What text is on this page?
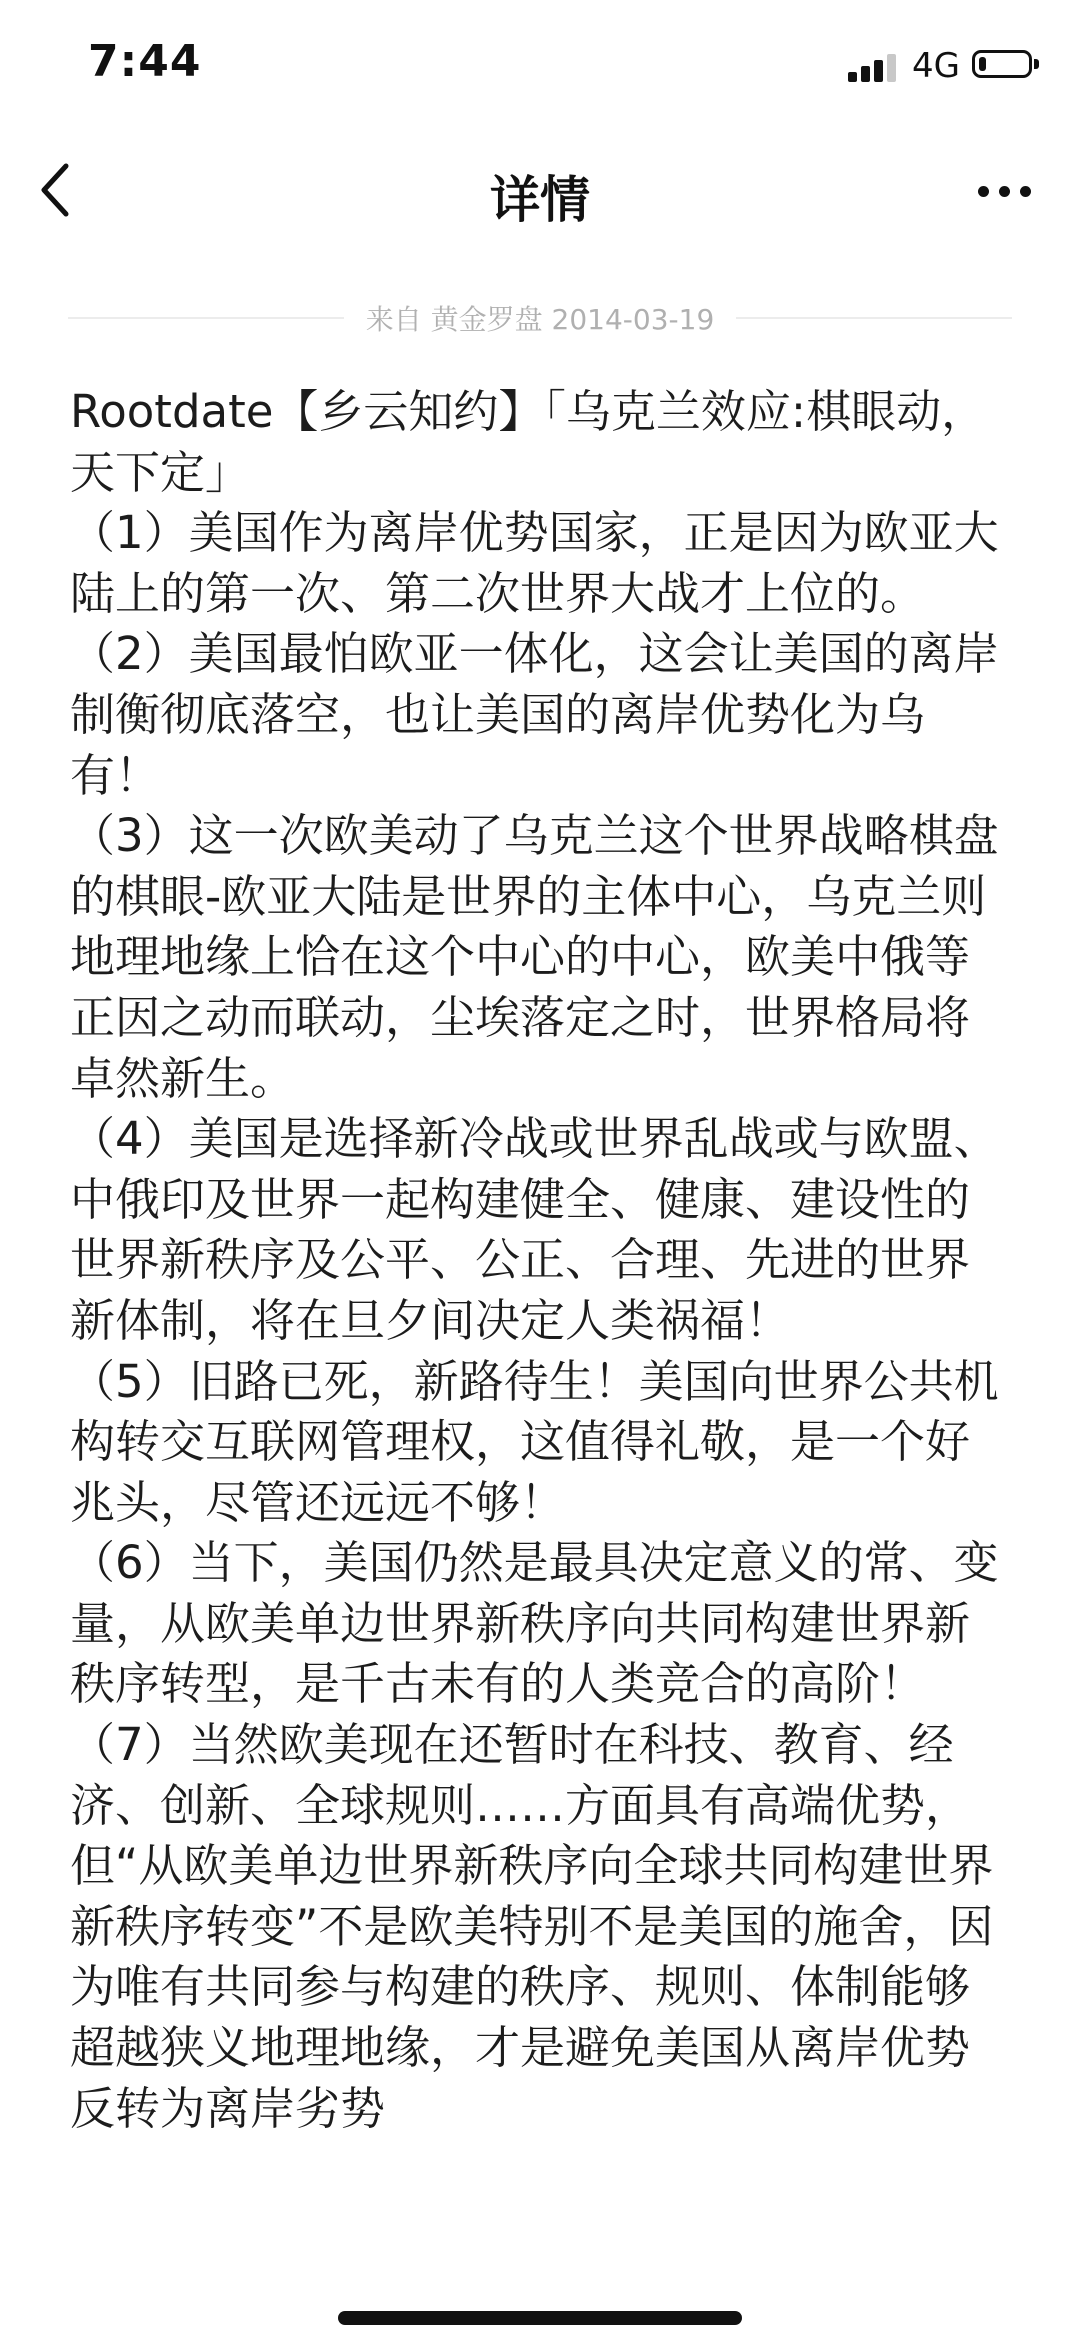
7:44	4G
详情
来自 黄金罗盘 2014-03-19

Rootdate【乡云知约】「乌克兰效应:棋眼动，天下定」

（1）美国作为离岸优势国家，正是因为欧亚大陆上的第一次、第二次世界大战才上位的。

（2）美国最怕欧亚一体化，这会让美国的离岸制衡彻底落空，也让美国的离岸优势化为乌有！

（3）这一次欧美动了乌克兰这个世界战略棋盘的棋眼-欧亚大陆是世界的主体中心，乌克兰则地理地缘上恰在这个中心的中心，欧美中俄等正因之动而联动，尘埃落定之时，世界格局将卓然新生。

（4）美国是选择新冷战或世界乱战或与欧盟、中俄印及世界一起构建健全、健康、建设性的世界新秩序及公平、公正、合理、先进的世界新体制，将在旦夕间决定人类祸福！

（5）旧路已死，新路待生！美国向世界公共机构转交互联网管理权，这值得礼敬，是一个好兆头，尽管还远远不够！

（6）当下，美国仍然是最具决定意义的常、变量，从欧美单边世界新秩序向共同构建世界新秩序转型，是千古未有的人类竞合的高阶！

（7）当然欧美现在还暂时在科技、教育、经济、创新、全球规则……方面具有高端优势，但“从欧美单边世界新秩序向全球共同构建世界新秩序转变”不是欧美特别不是美国的施舍，因为唯有共同参与构建的秩序、规则、体制能够超越狭义地理地缘，才是避免美国从离岸优势反转为离岸劣势
